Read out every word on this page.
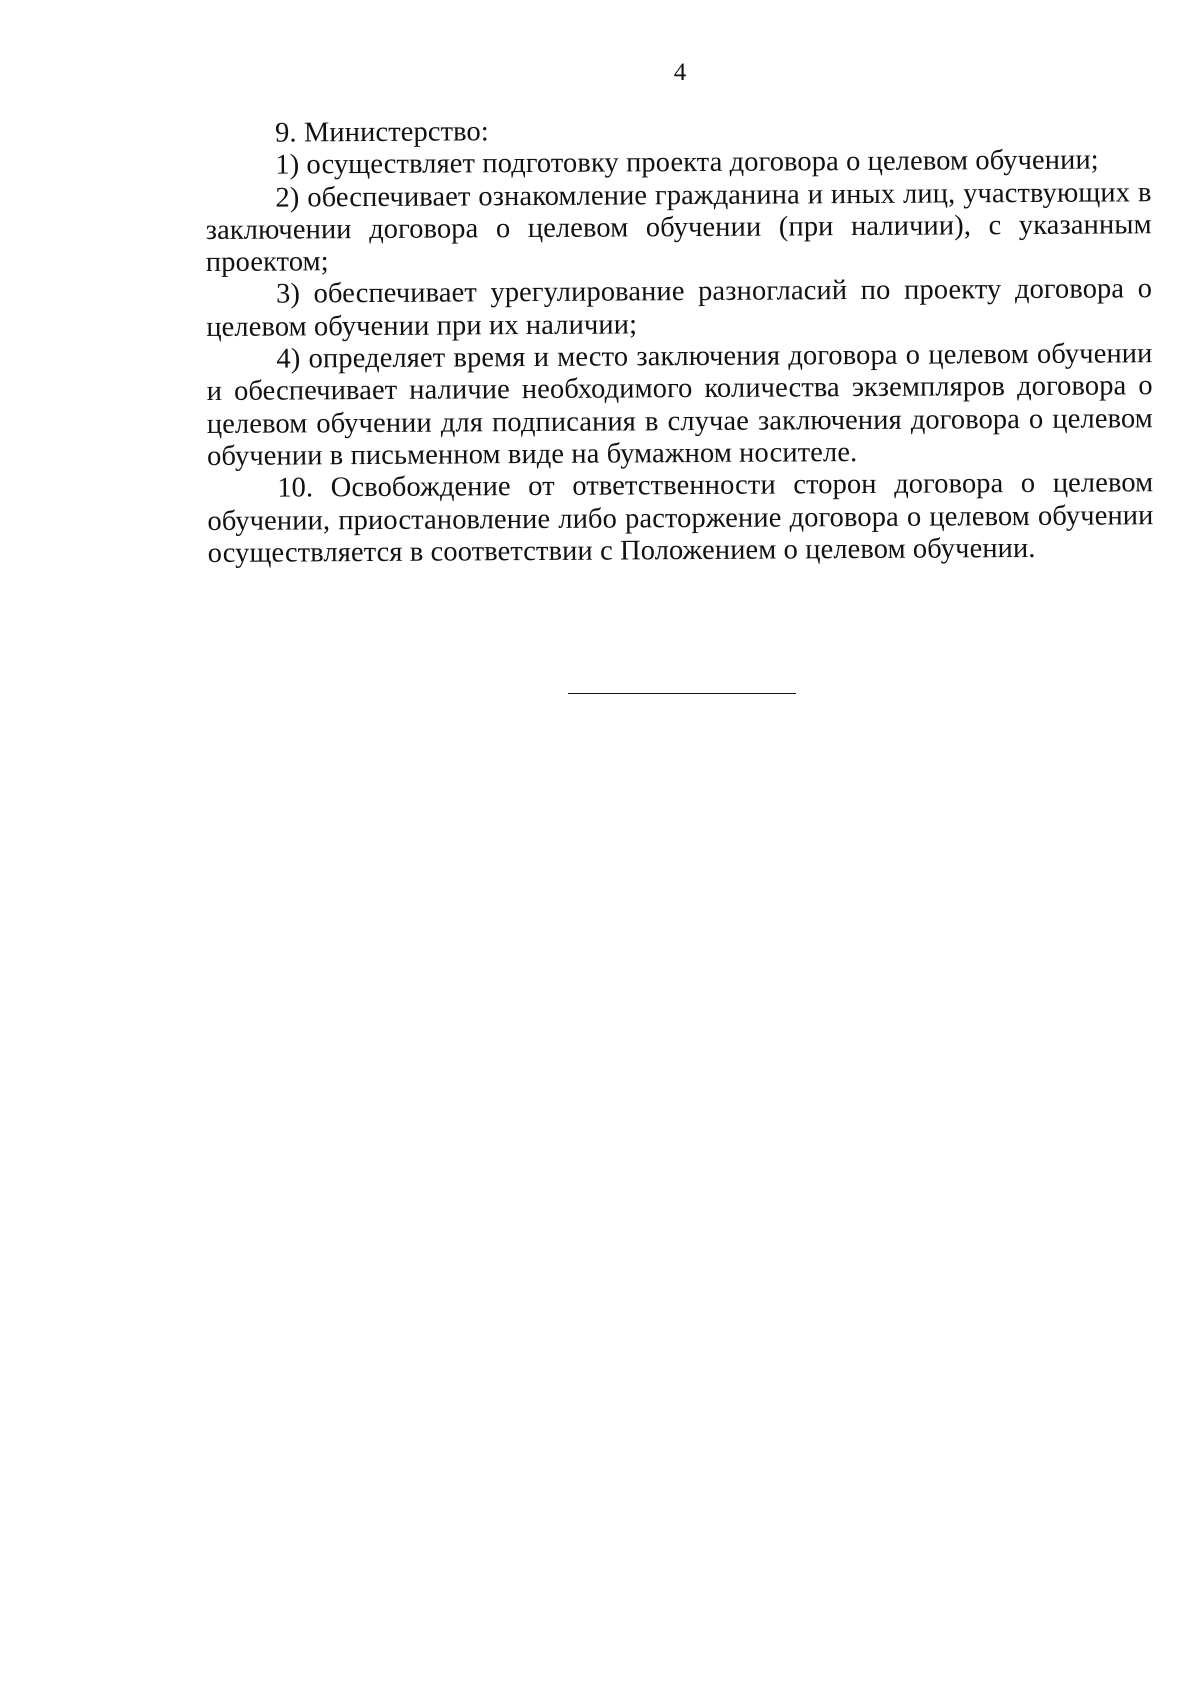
4

9. Министерство:

1) осуществляет подготовку проекта договора о целевом обучении;

2) обеспечивает ознакомление гражданина и иных лиц, участвующих в заключении договора о целевом обучении (при наличии), с указанным проектом;

3) обеспечивает урегулирование разногласий по проекту договора о целевом обучении при их наличии;

4) определяет время и место заключения договора о целевом обучении и обеспечивает наличие необходимого количества экземпляров договора о целевом обучении для подписания в случае заключения договора о целевом обучении в письменном виде на бумажном носителе.

10. Освобождение от ответственности сторон договора о целевом обучении, приостановление либо расторжение договора о целевом обучении осуществляется в соответствии с Положением о целевом обучении.
